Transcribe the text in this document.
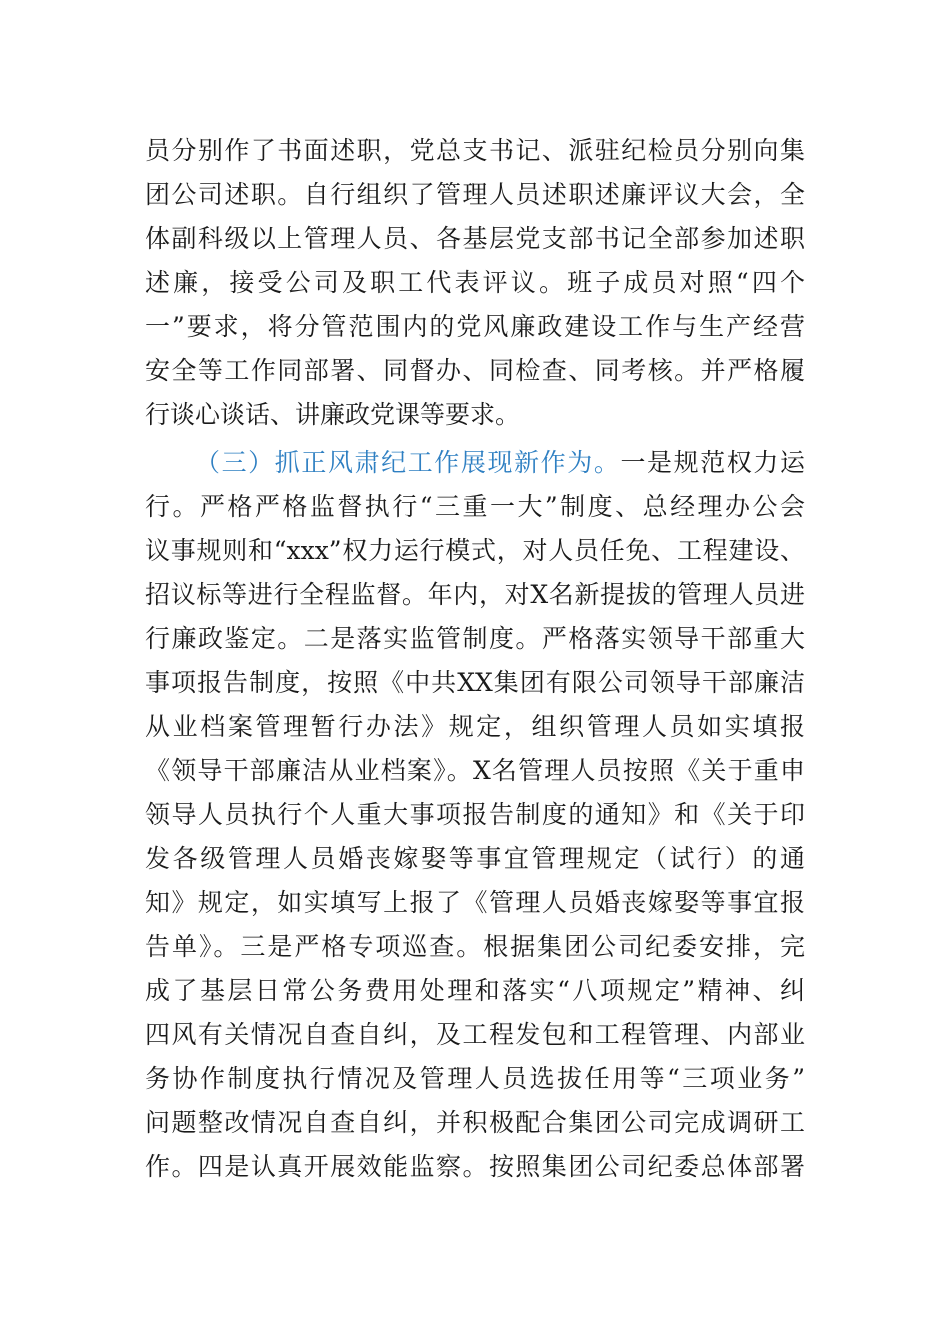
员分别作了书面述职，党总支书记、派驻纪检员分别向集
团公司述职。自行组织了管理人员述职述廉评议大会，全
体副科级以上管理人员、各基层党支部书记全部参加述职
述廉，接受公司及职工代表评议。班子成员对照“四个
一”要求，将分管范围内的党风廉政建设工作与生产经营
安全等工作同部署、同督办、同检查、同考核。并严格履
行谈心谈话、讲廉政党课等要求。
（三）抓正风肃纪工作展现新作为。一是规范权力运
行。严格严格监督执行“三重一大”制度、总经理办公会
议事规则和“xxx”权力运行模式，对人员任免、工程建设、
招议标等进行全程监督。年内，对X名新提拔的管理人员进
行廉政鉴定。二是落实监管制度。严格落实领导干部重大
事项报告制度，按照《中共XX集团有限公司领导干部廉洁
从业档案管理暂行办法》规定，组织管理人员如实填报
《领导干部廉洁从业档案》。X名管理人员按照《关于重申
领导人员执行个人重大事项报告制度的通知》和《关于印
发各级管理人员婚丧嫁娶等事宜管理规定（试行）的通
知》规定，如实填写上报了《管理人员婚丧嫁娶等事宜报
告单》。三是严格专项巡查。根据集团公司纪委安排，完
成了基层日常公务费用处理和落实“八项规定”精神、纠
四风有关情况自查自纠，及工程发包和工程管理、内部业
务协作制度执行情况及管理人员选拔任用等“三项业务”
问题整改情况自查自纠，并积极配合集团公司完成调研工
作。四是认真开展效能监察。按照集团公司纪委总体部署
